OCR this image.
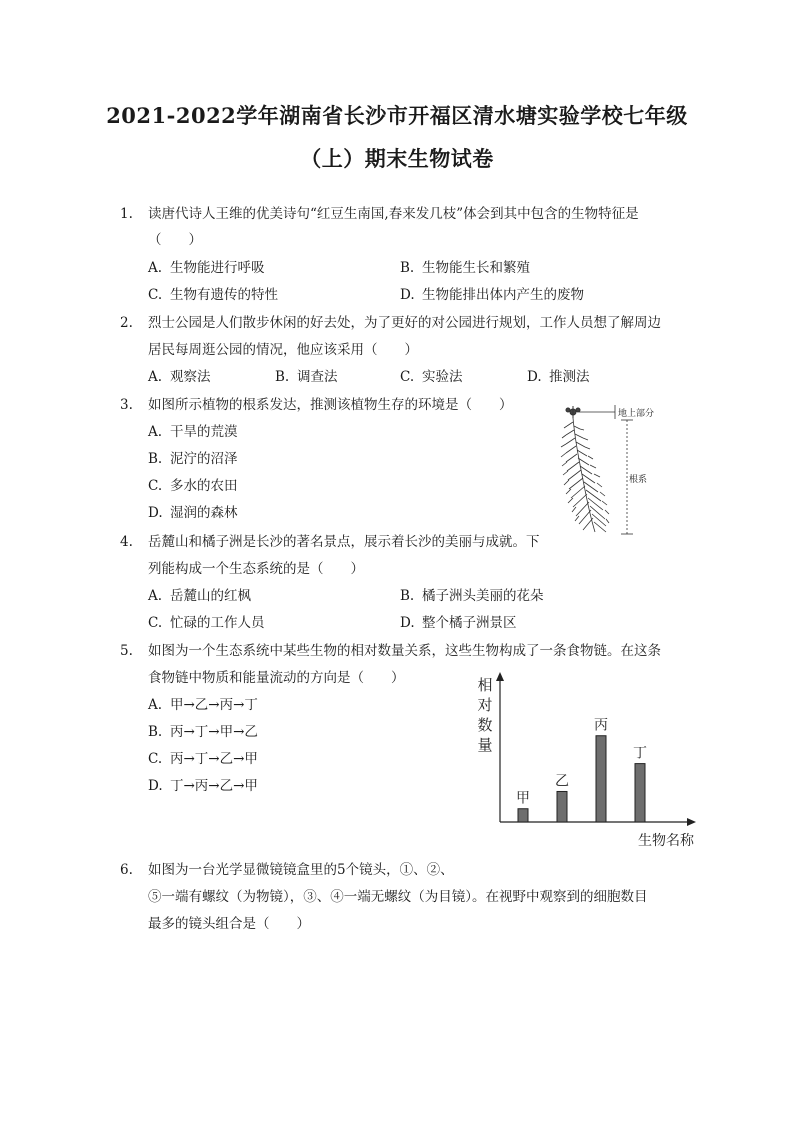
2021-2022学年湖南省长沙市开福区清水塘实验学校七年级
（上）期末生物试卷
1.	读唐代诗人王维的优美诗句“红豆生南国,春来发几枝”体会到其中包含的生物特征是
（　　）
A. 生物能进行呼吸	B. 生物能生长和繁殖
C. 生物有遗传的特性	D. 生物能排出体内产生的废物
2.	烈士公园是人们散步休闲的好去处，为了更好的对公园进行规划，工作人员想了解周边
居民每周逛公园的情况，他应该采用（　　）
A. 观察法	B. 调查法	C. 实验法	D. 推测法
3.	如图所示植物的根系发达，推测该植物生存的环境是（　　）
A. 干旱的荒漠
B. 泥泞的沼泽
C. 多水的农田
D. 湿润的森林
地上部分
根系
4.	岳麓山和橘子洲是长沙的著名景点，展示着长沙的美丽与成就。下
列能构成一个生态系统的是（　　）
A. 岳麓山的红枫	B. 橘子洲头美丽的花朵
C. 忙碌的工作人员	D. 整个橘子洲景区
5.	如图为一个生态系统中某些生物的相对数量关系，这些生物构成了一条食物链。在这条
食物链中物质和能量流动的方向是（　　）
A. 甲→乙→丙→丁
B. 丙→丁→甲→乙
C. 丙→丁→乙→甲
D. 丁→丙→乙→甲
相对数量
生物名称
甲
乙
丙
丁
6.	如图为一台光学显微镜镜盒里的5个镜头，①、②、
⑤一端有螺纹（为物镜），③、④一端无螺纹（为目镜）。在视野中观察到的细胞数目
最多的镜头组合是（　　）
